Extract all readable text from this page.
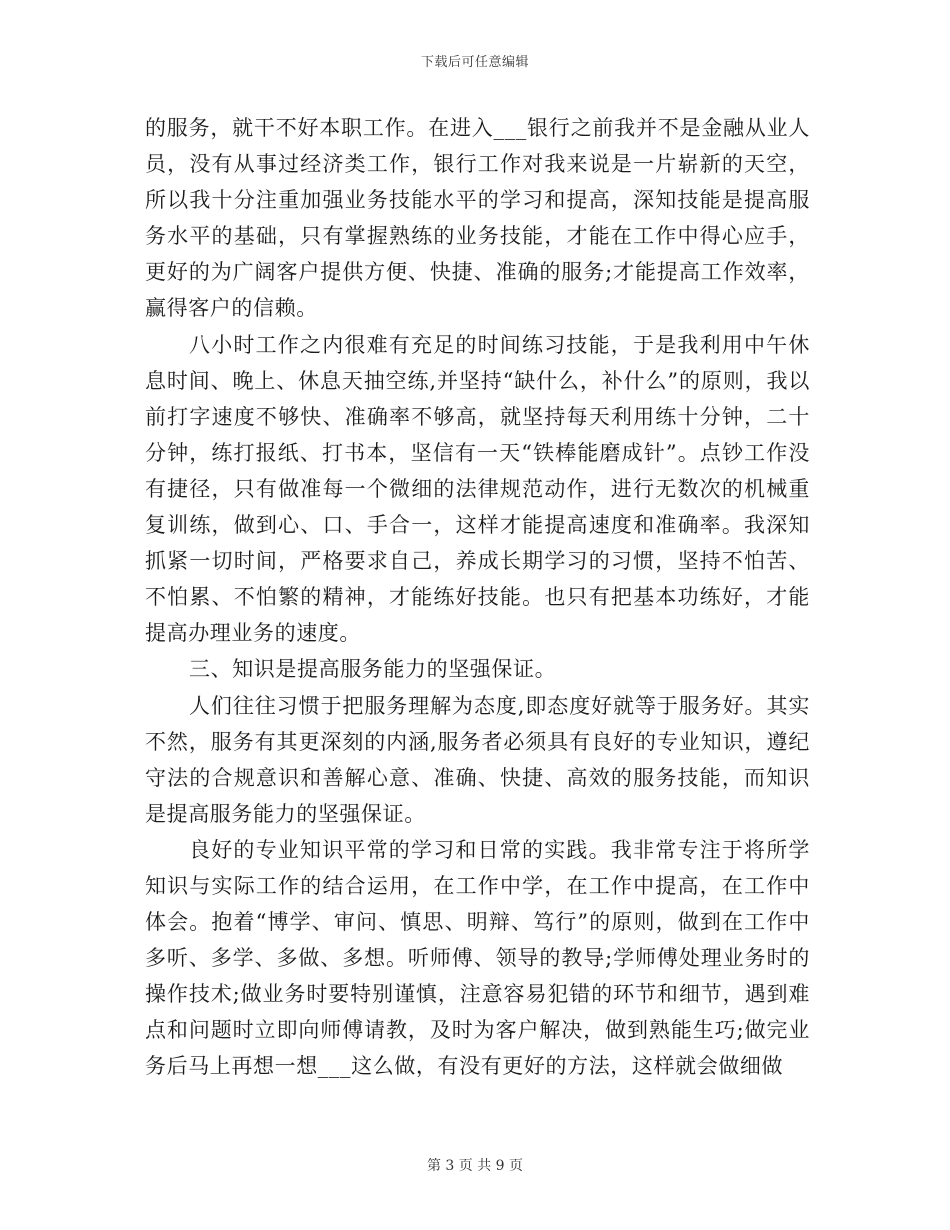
下载后可任意编辑

的服务，就干不好本职工作。在进入___银行之前我并不是金融从业人员，没有从事过经济类工作，银行工作对我来说是一片崭新的天空，所以我十分注重加强业务技能水平的学习和提高，深知技能是提高服务水平的基础，只有掌握熟练的业务技能，才能在工作中得心应手，更好的为广阔客户提供方便、快捷、准确的服务;才能提高工作效率，赢得客户的信赖。

八小时工作之内很难有充足的时间练习技能，于是我利用中午休息时间、晚上、休息天抽空练,并坚持“缺什么，补什么”的原则，我以前打字速度不够快、准确率不够高，就坚持每天利用练十分钟，二十分钟，练打报纸、打书本，坚信有一天“铁棒能磨成针”。点钞工作没有捷径，只有做准每一个微细的法律规范动作，进行无数次的机械重复训练，做到心、口、手合一，这样才能提高速度和准确率。我深知抓紧一切时间，严格要求自己，养成长期学习的习惯，坚持不怕苦、不怕累、不怕繁的精神，才能练好技能。也只有把基本功练好，才能提高办理业务的速度。

三、知识是提高服务能力的坚强保证。

人们往往习惯于把服务理解为态度,即态度好就等于服务好。其实不然，服务有其更深刻的内涵,服务者必须具有良好的专业知识，遵纪守法的合规意识和善解心意、准确、快捷、高效的服务技能，而知识是提高服务能力的坚强保证。

良好的专业知识平常的学习和日常的实践。我非常专注于将所学知识与实际工作的结合运用，在工作中学，在工作中提高，在工作中体会。抱着“博学、审问、慎思、明辩、笃行”的原则，做到在工作中多听、多学、多做、多想。听师傅、领导的教导;学师傅处理业务时的操作技术;做业务时要特别谨慎，注意容易犯错的环节和细节，遇到难点和问题时立即向师傅请教，及时为客户解决，做到熟能生巧;做完业务后马上再想一想___这么做，有没有更好的方法，这样就会做细做

第 3 页 共 9 页
